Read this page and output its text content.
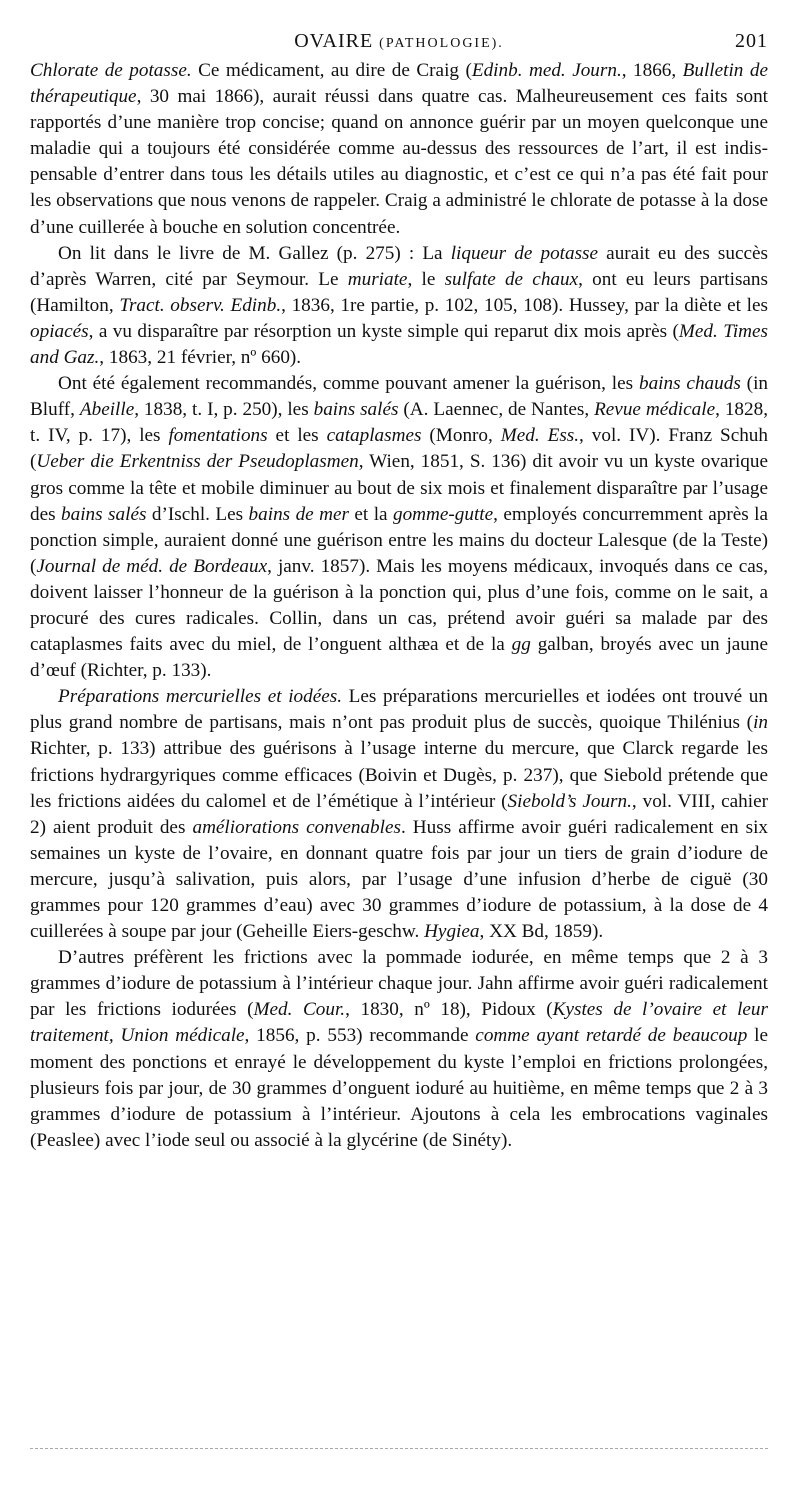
OVAIRE (PATHOLOGIE).	201

Chlorate de potasse. Ce médicament, au dire de Craig (Edinb. med. Journ., 1866, Bulletin de thérapeutique, 30 mai 1866), aurait réussi dans quatre cas. Malheureusement ces faits sont rapportés d’une manière trop concise; quand on annonce guérir par un moyen quelconque une maladie qui a toujours été considérée comme au-dessus des ressources de l’art, il est indispensable d’entrer dans tous les détails utiles au diagnostic, et c’est ce qui n’a pas été fait pour les observations que nous venons de rappeler. Craig a administré le chlorate de potasse à la dose d’une cuillerée à bouche en solution concentrée.

On lit dans le livre de M. Gallez (p. 275) : La liqueur de potasse aurait eu des succès d’après Warren, cité par Seymour. Le muriate, le sulfate de chaux, ont eu leurs partisans (Hamilton, Tract. observ. Edinb., 1836, 1re partie, p. 102, 105, 108). Hussey, par la diète et les opiacés, a vu disparaître par résorption un kyste simple qui reparut dix mois après (Med. Times and Gaz., 1863, 21 février, nº 660).

Ont été également recommandés, comme pouvant amener la guérison, les bains chauds (in Bluff, Abeille, 1838, t. I, p. 250), les bains salés (A. Laennec, de Nantes, Revue médicale, 1828, t. IV, p. 17), les fomentations et les cataplasmes (Monro, Med. Ess., vol. IV). Franz Schuh (Ueber die Erkentniss der Pseudoplasmen, Wien, 1851, S. 136) dit avoir vu un kyste ovarique gros comme la tête et mobile diminuer au bout de six mois et finalement disparaître par l’usage des bains salés d’Ischl. Les bains de mer et la gomme-gutte, employés concurremment après la ponction simple, auraient donné une guérison entre les mains du docteur Lalesque (de la Teste) (Journal de méd. de Bordeaux, janv. 1857). Mais les moyens médicaux, invoqués dans ce cas, doivent laisser l’honneur de la guérison à la ponction qui, plus d’une fois, comme on le sait, a procuré des cures radicales. Collin, dans un cas, prétend avoir guéri sa malade par des cataplasmes faits avec du miel, de l’onguent althæa et de la gg galban, broyés avec un jaune d’œuf (Richter, p. 133).

Préparations mercurielles et iodées. Les préparations mercurielles et iodées ont trouvé un plus grand nombre de partisans, mais n’ont pas produit plus de succès, quoique Thilénius (in Richter, p. 133) attribue des guérisons à l’usage interne du mercure, que Clarck regarde les frictions hydrargyriques comme efficaces (Boivin et Dugès, p. 237), que Siebold prétende que les frictions aidées du calomel et de l’émétique à l’intérieur (Siebold’s Journ., vol. VIII, cahier 2) aient produit des améliorations convenables. Huss affirme avoir guéri radicalement en six semaines un kyste de l’ovaire, en donnant quatre fois par jour un tiers de grain d’iodure de mercure, jusqu’à salivation, puis alors, par l’usage d’une infusion d’herbe de ciguë (30 grammes pour 120 grammes d’eau) avec 30 grammes d’iodure de potassium, à la dose de 4 cuillerées à soupe par jour (Geheille Eiers-geschw. Hygiea, XX Bd, 1859).

D’autres préfèrent les frictions avec la pommade iodurée, en même temps que 2 à 3 grammes d’iodure de potassium à l’intérieur chaque jour. Jahn affirme avoir guéri radicalement par les frictions iodurées (Med. Cour., 1830, nº 18), Pidoux (Kystes de l’ovaire et leur traitement, Union médicale, 1856, p. 553) recommande comme ayant retardé de beaucoup le moment des ponctions et enrayé le développement du kyste l’emploi en frictions prolongées, plusieurs fois par jour, de 30 grammes d’onguent ioduré au huitième, en même temps que 2 à 3 grammes d’iodure de potassium à l’intérieur. Ajoutons à cela les embrocations vaginales (Peaslee) avec l’iode seul ou associé à la glycérine (de Sinéty).
